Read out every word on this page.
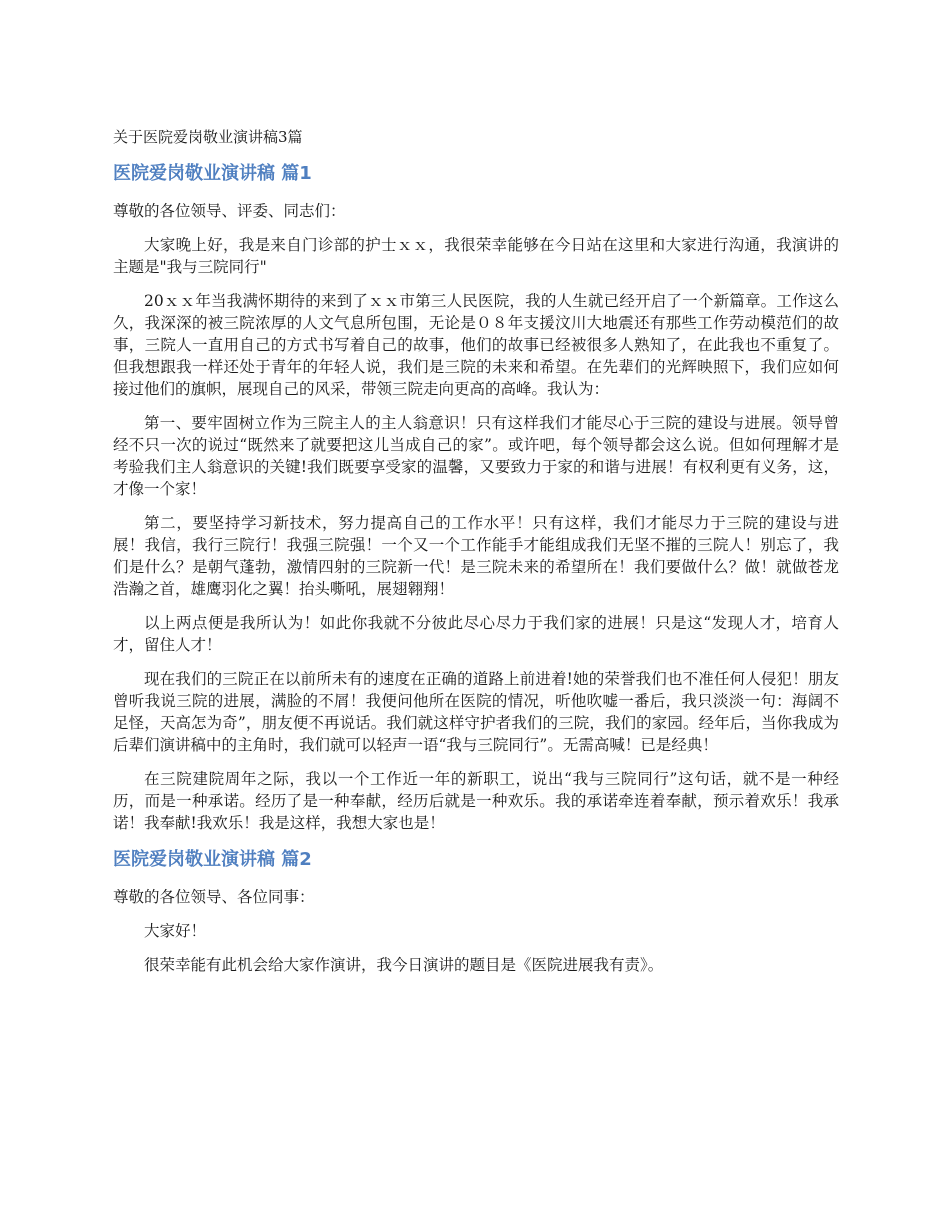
关于医院爱岗敬业演讲稿3篇
医院爱岗敬业演讲稿 篇1
尊敬的各位领导、评委、同志们：

大家晚上好，我是来自门诊部的护士ｘｘ，我很荣幸能够在今日站在这里和大家进行沟通，我演讲的主题是"我与三院同行"

20ｘｘ年当我满怀期待的来到了ｘｘ市第三人民医院，我的人生就已经开启了一个新篇章。工作这么久，我深深的被三院浓厚的人文气息所包围，无论是０８年支援汶川大地震还有那些工作劳动模范们的故事，三院人一直用自己的方式书写着自己的故事，他们的故事已经被很多人熟知了，在此我也不重复了。但我想跟我一样还处于青年的年轻人说，我们是三院的未来和希望。在先辈们的光辉映照下，我们应如何接过他们的旗帜，展现自己的风采，带领三院走向更高的高峰。我认为：

第一、要牢固树立作为三院主人的主人翁意识！只有这样我们才能尽心于三院的建设与进展。领导曾经不只一次的说过“既然来了就要把这儿当成自己的家”。或许吧，每个领导都会这么说。但如何理解才是考验我们主人翁意识的关键!我们既要享受家的温馨，又要致力于家的和谐与进展！有权利更有义务，这，才像一个家！

第二，要坚持学习新技术，努力提高自己的工作水平！只有这样，我们才能尽力于三院的建设与进展！我信，我行三院行！我强三院强！一个又一个工作能手才能组成我们无坚不摧的三院人！别忘了，我们是什么？是朝气蓬勃，激情四射的三院新一代！是三院未来的希望所在！我们要做什么？做！就做苍龙浩瀚之首，雄鹰羽化之翼！抬头嘶吼，展翅翱翔！

以上两点便是我所认为！如此你我就不分彼此尽心尽力于我们家的进展！只是这“发现人才，培育人才，留住人才！

现在我们的三院正在以前所未有的速度在正确的道路上前进着!她的荣誉我们也不准任何人侵犯！朋友曾听我说三院的进展，满脸的不屑！我便问他所在医院的情况，听他吹嘘一番后，我只淡淡一句：海阔不足怪，天高怎为奇”，朋友便不再说话。我们就这样守护者我们的三院，我们的家园。经年后，当你我成为后辈们演讲稿中的主角时，我们就可以轻声一语“我与三院同行”。无需高喊！已是经典！

在三院建院周年之际，我以一个工作近一年的新职工，说出“我与三院同行”这句话，就不是一种经历，而是一种承诺。经历了是一种奉献，经历后就是一种欢乐。我的承诺牵连着奉献，预示着欢乐！我承诺！我奉献!我欢乐！我是这样，我想大家也是！

医院爱岗敬业演讲稿 篇2
尊敬的各位领导、各位同事：

大家好！

很荣幸能有此机会给大家作演讲，我今日演讲的题目是《医院进展我有责》。
